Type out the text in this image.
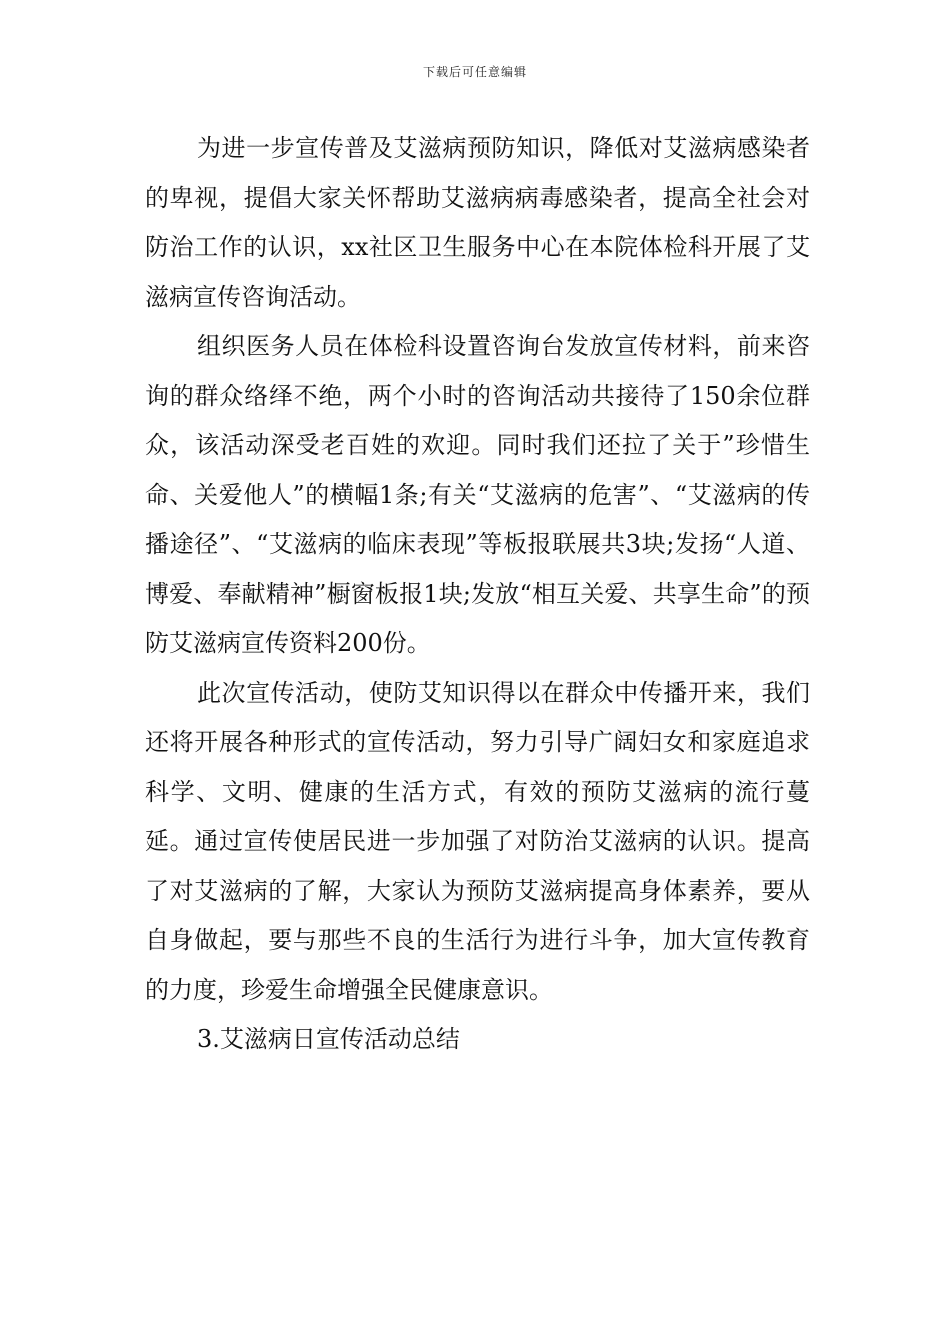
下载后可任意编辑

为进一步宣传普及艾滋病预防知识，降低对艾滋病感染者的卑视，提倡大家关怀帮助艾滋病病毒感染者，提高全社会对防治工作的认识，xx社区卫生服务中心在本院体检科开展了艾滋病宣传咨询活动。

组织医务人员在体检科设置咨询台发放宣传材料，前来咨询的群众络绎不绝，两个小时的咨询活动共接待了150余位群众，该活动深受老百姓的欢迎。同时我们还拉了关于”珍惜生命、关爱他人”的横幅1条;有关“艾滋病的危害”、“艾滋病的传播途径”、“艾滋病的临床表现”等板报联展共3块;发扬“人道、博爱、奉献精神”橱窗板报1块;发放“相互关爱、共享生命”的预防艾滋病宣传资料200份。

此次宣传活动，使防艾知识得以在群众中传播开来，我们还将开展各种形式的宣传活动，努力引导广阔妇女和家庭追求科学、文明、健康的生活方式，有效的预防艾滋病的流行蔓延。通过宣传使居民进一步加强了对防治艾滋病的认识。提高了对艾滋病的了解，大家认为预防艾滋病提高身体素养，要从自身做起，要与那些不良的生活行为进行斗争，加大宣传教育的力度，珍爱生命增强全民健康意识。

3.艾滋病日宣传活动总结
